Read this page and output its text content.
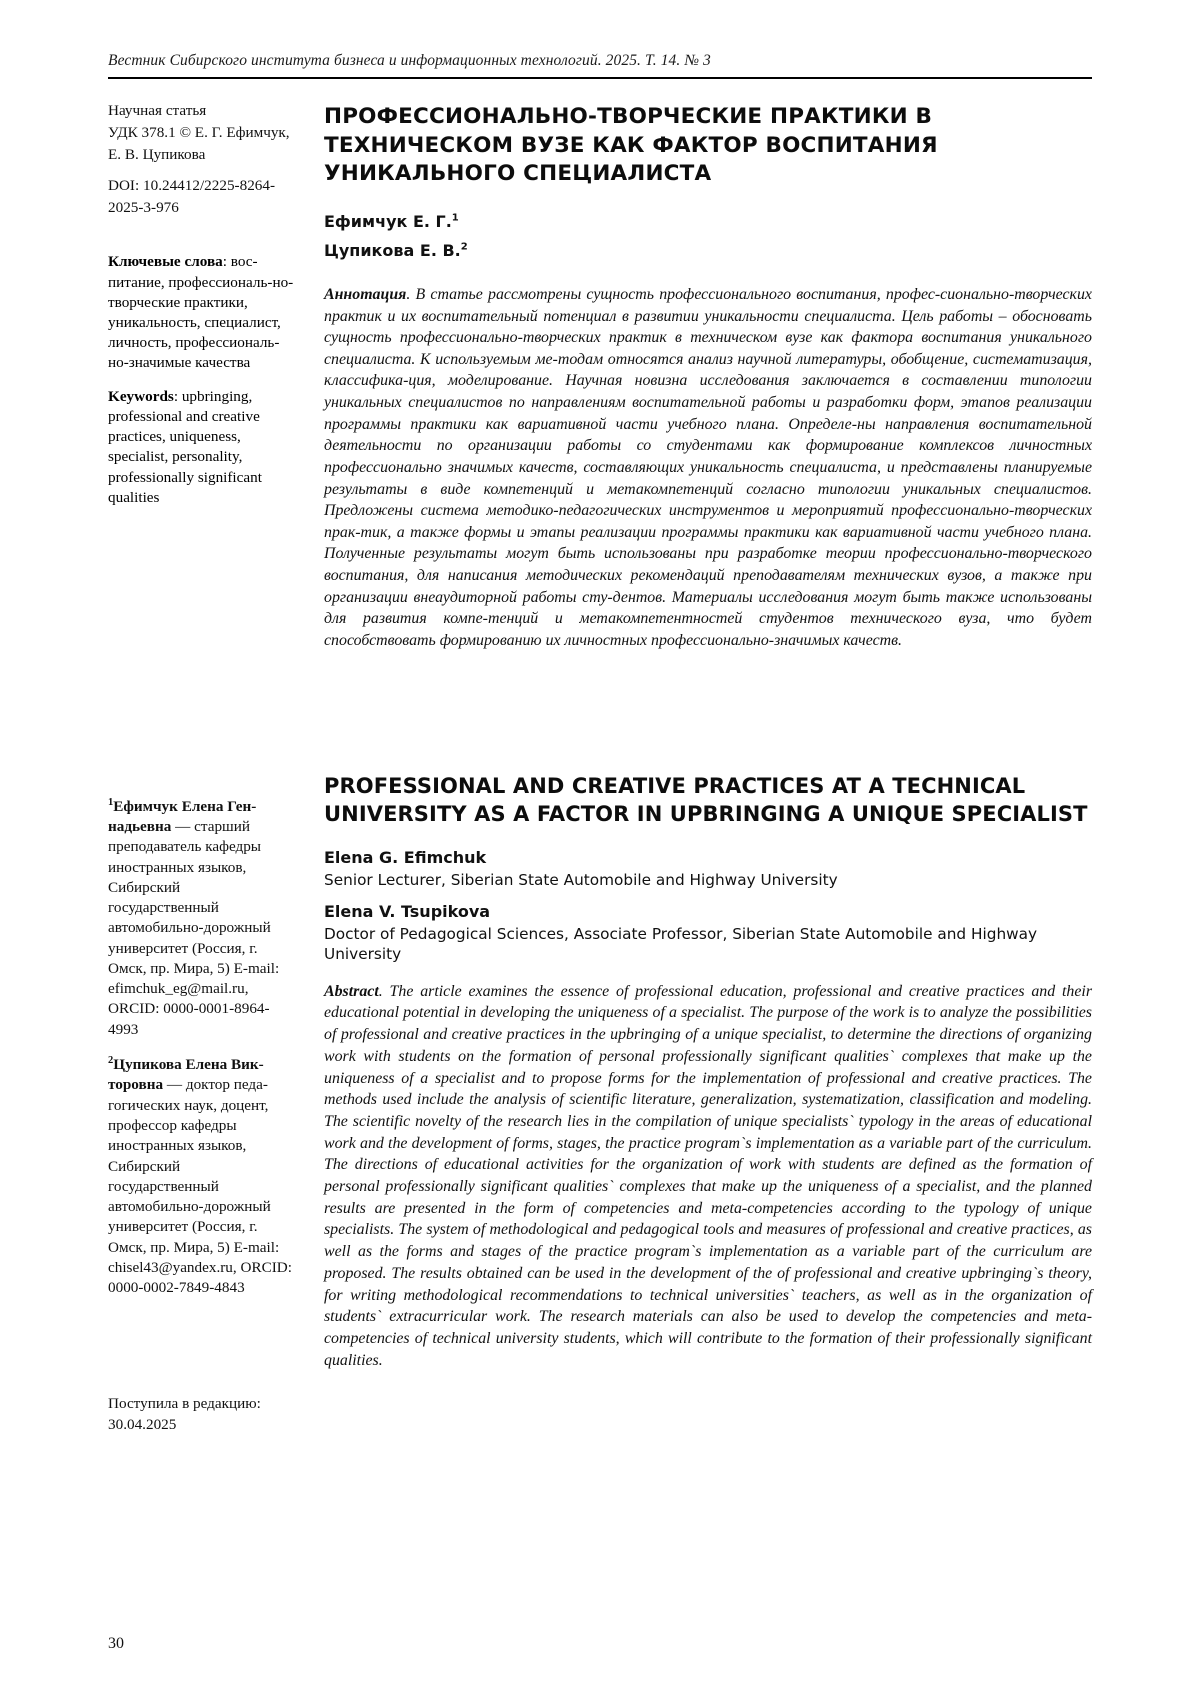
Вестник Сибирского института бизнеса и информационных технологий. 2025. Т. 14. № 3
Научная статья
УДК 378.1 © Е. Г. Ефимчук,
Е. В. Цупикова
DOI: 10.24412/2225-8264-
2025-3-976
Ключевые слова: вос-питание, профессиональ-но-творческие практики, уникальность, специалист, личность, профессиональ-но-значимые качества
Keywords: upbringing, professional and creative practices, uniqueness, specialist, personality, professionally significant qualities
ПРОФЕССИОНАЛЬНО-ТВОРЧЕСКИЕ ПРАКТИКИ В ТЕХНИЧЕСКОМ ВУЗЕ КАК ФАКТОР ВОСПИТАНИЯ УНИКАЛЬНОГО СПЕЦИАЛИСТА
Ефимчук Е. Г.$^1$
Цупикова Е. В.$^2$
Аннотация. В статье рассмотрены сущность профессионального воспитания, профес-сионально-творческих практик и их воспитательный потенциал в развитии уникальности специалиста. Цель работы – обосновать сущность профессионально-творческих практик в техническом вузе как фактора воспитания уникального специалиста. К используемым ме-тодам относятся анализ научной литературы, обобщение, систематизация, классифика-ция, моделирование. Научная новизна исследования заключается в составлении типологии уникальных специалистов по направлениям воспитательной работы и разработки форм, этапов реализации программы практики как вариативной части учебного плана. Определе-ны направления воспитательной деятельности по организации работы со студентами как формирование комплексов личностных профессионально значимых качеств, составляющих уникальность специалиста, и представлены планируемые результаты в виде компетенций и метакомпетенций согласно типологии уникальных специалистов. Предложены система методико-педагогических инструментов и мероприятий профессионально-творческих прак-тик, а также формы и этапы реализации программы практики как вариативной части учебного плана. Полученные результаты могут быть использованы при разработке теории профессионально-творческого воспитания, для написания методических рекомендаций преподавателям технических вузов, а также при организации внеаудиторной работы сту-дентов. Материалы исследования могут быть также использованы для развития компе-тенций и метакомпетентностей студентов технического вуза, что будет способствовать формированию их личностных профессионально-значимых качеств.
$^1$Ефимчук Елена Ген-надьевна — старший преподаватель кафедры иностранных языков, Сибирский государственный автомобильно-дорожный университет (Россия, г. Омск, пр. Мира, 5) E-mail: efimchuk_eg@mail.ru, ORCID: 0000-0001-8964-4993
$^2$Цупикова Елена Вик-торовна — доктор педа-гогических наук, доцент, профессор кафедры иностранных языков, Сибирский государственный автомобильно-дорожный университет (Россия, г. Омск, пр. Мира, 5) E-mail: chisel43@yandex.ru, ORCID: 0000-0002-7849-4843
Поступила в редакцию:
30.04.2025
PROFESSIONAL AND CREATIVE PRACTICES AT A TECHNICAL UNIVERSITY AS A FACTOR IN UPBRINGING A UNIQUE SPECIALIST
Elena G. Efimchuk
Senior Lecturer, Siberian State Automobile and Highway University
Elena V. Tsupikova
Doctor of Pedagogical Sciences, Associate Professor, Siberian State Automobile and Highway University
Abstract. The article examines the essence of professional education, professional and creative practices and their educational potential in developing the uniqueness of a specialist. The purpose of the work is to analyze the possibilities of professional and creative practices in the upbringing of a unique specialist, to determine the directions of organizing work with students on the formation of personal professionally significant qualities` complexes that make up the uniqueness of a specialist and to propose forms for the implementation of professional and creative practices. The methods used include the analysis of scientific literature, generalization, systematization, classification and modeling. The scientific novelty of the research lies in the compilation of unique specialists` typology in the areas of educational work and the development of forms, stages, the practice program`s implementation as a variable part of the curriculum. The directions of educational activities for the organization of work with students are defined as the formation of personal professionally significant qualities` complexes that make up the uniqueness of a specialist, and the planned results are presented in the form of competencies and meta-competencies according to the typology of unique specialists. The system of methodological and pedagogical tools and measures of professional and creative practices, as well as the forms and stages of the practice program`s implementation as a variable part of the curriculum are proposed. The results obtained can be used in the development of the of professional and creative upbringing`s theory, for writing methodological recommendations to technical universities` teachers, as well as in the organization of students` extracurricular work. The research materials can also be used to develop the competencies and meta-competencies of technical university students, which will contribute to the formation of their professionally significant qualities.
30
